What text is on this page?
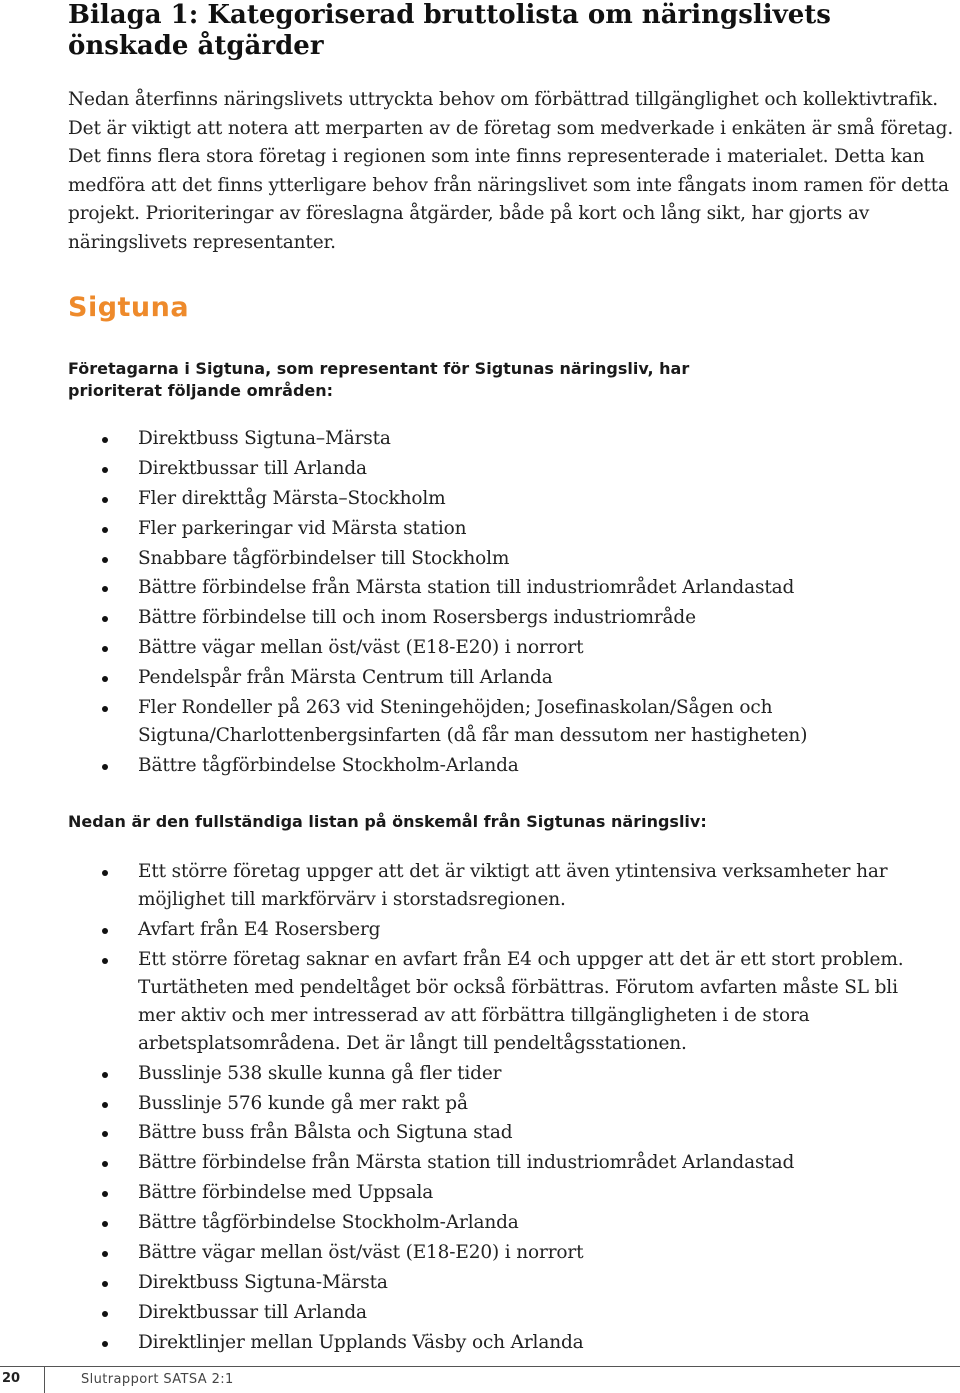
Bilaga 1: Kategoriserad bruttolista om näringslivets önskade åtgärder

Nedan återfinns näringslivets uttryckta behov om förbättrad tillgänglighet och kollektivtrafik. Det är viktigt att notera att merparten av de företag som medverkade i enkäten är små företag. Det finns flera stora företag i regionen som inte finns representerade i materialet. Detta kan medföra att det finns ytterligare behov från näringslivet som inte fångats inom ramen för detta projekt. Prioriteringar av föreslagna åtgärder, både på kort och lång sikt, har gjorts av näringslivets representanter.

Sigtuna

Företagarna i Sigtuna, som representant för Sigtunas näringsliv, har prioriterat följande områden:

Direktbuss Sigtuna–Märsta
Direktbussar till Arlanda
Fler direkttåg Märsta–Stockholm
Fler parkeringar vid Märsta station
Snabbare tågförbindelser till Stockholm
Bättre förbindelse från Märsta station till industriområdet Arlandastad
Bättre förbindelse till och inom Rosersbergs industriområde
Bättre vägar mellan öst/väst (E18-E20) i norrort
Pendelspår från Märsta Centrum till Arlanda
Fler Rondeller på 263 vid Steningehöjden; Josefinaskolan/Sågen och Sigtuna/Charlottenbergsinfarten (då får man dessutom ner hastigheten)
Bättre tågförbindelse Stockholm-Arlanda

Nedan är den fullständiga listan på önskemål från Sigtunas näringsliv:

Ett större företag uppger att det är viktigt att även ytintensiva verksamheter har möjlighet till markförvärv i storstadsregionen.
Avfart från E4 Rosersberg
Ett större företag saknar en avfart från E4 och uppger att det är ett stort problem. Turtätheten med pendeltåget bör också förbättras. Förutom avfarten måste SL bli mer aktiv och mer intresserad av att förbättra tillgängligheten i de stora arbetsplatsområdena. Det är långt till pendeltågsstationen.
Busslinje 538 skulle kunna gå fler tider
Busslinje 576 kunde gå mer rakt på
Bättre buss från Bålsta och Sigtuna stad
Bättre förbindelse från Märsta station till industriområdet Arlandastad
Bättre förbindelse med Uppsala
Bättre tågförbindelse Stockholm-Arlanda
Bättre vägar mellan öst/väst (E18-E20) i norrort
Direktbuss Sigtuna-Märsta
Direktbussar till Arlanda
Direktlinjer mellan Upplands Väsby och Arlanda
20	Slutrapport SATSA 2:1
